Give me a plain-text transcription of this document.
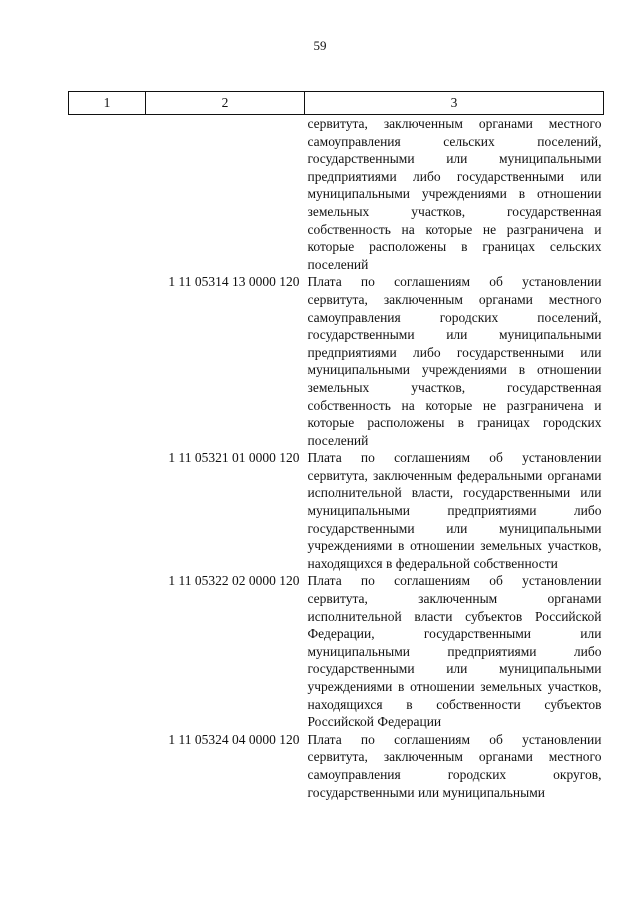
59
1	2	3
		сервитута, заключенным органами местного самоуправления сельских поселений, государственными или муниципальными предприятиями либо государственными или муниципальными учреждениями в отношении земельных участков, государственная собственность на которые не разграничена и которые расположены в границах сельских поселений
	1 11 05314 13 0000 120	Плата по соглашениям об установлении сервитута, заключенным органами местного самоуправления городских поселений, государственными или муниципальными предприятиями либо государственными или муниципальными учреждениями в отношении земельных участков, государственная собственность на которые не разграничена и которые расположены в границах городских поселений
	1 11 05321 01 0000 120	Плата по соглашениям об установлении сервитута, заключенным федеральными органами исполнительной власти, государственными или муниципальными предприятиями либо государственными или муниципальными учреждениями в отношении земельных участков, находящихся в федеральной собственности
	1 11 05322 02 0000 120	Плата по соглашениям об установлении сервитута, заключенным органами исполнительной власти субъектов Российской Федерации, государственными или муниципальными предприятиями либо государственными или муниципальными учреждениями в отношении земельных участков, находящихся в собственности субъектов Российской Федерации
	1 11 05324 04 0000 120	Плата по соглашениям об установлении сервитута, заключенным органами местного самоуправления городских округов, государственными или муниципальными
